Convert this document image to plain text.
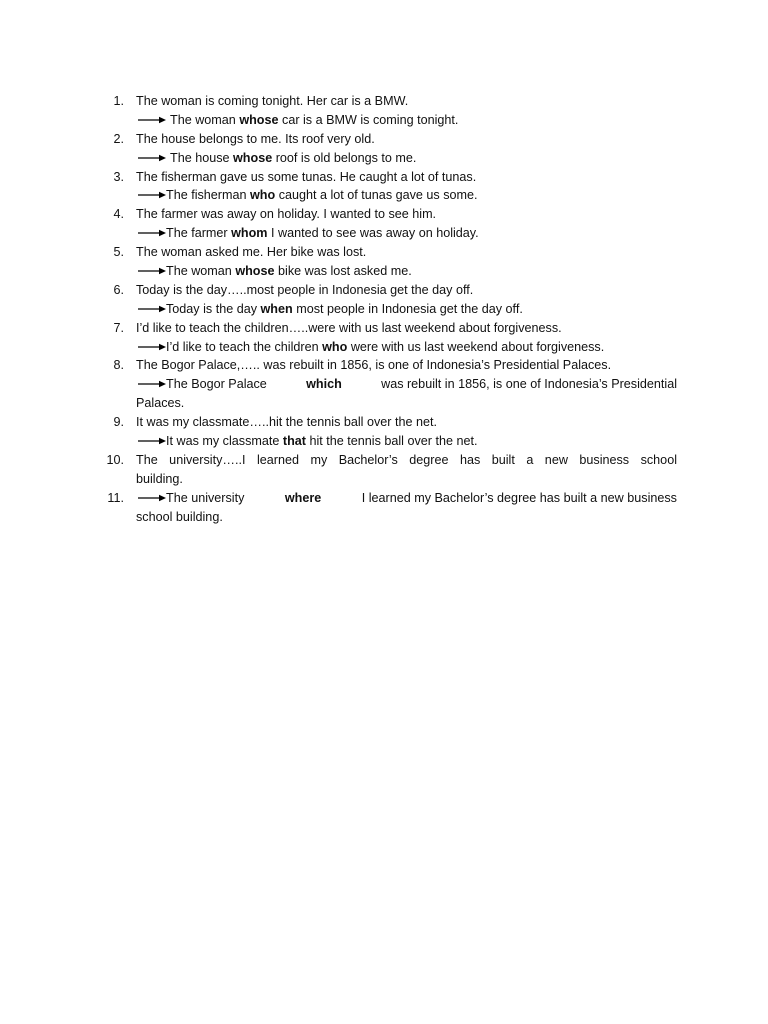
1. The woman is coming tonight. Her car is a BMW.
The woman whose car is a BMW is coming tonight.
2. The house belongs to me. Its roof very old.
The house whose roof is old belongs to me.
3. The fisherman gave us some tunas. He caught a lot of tunas.
The fisherman who caught a lot of tunas gave us some.
4. The farmer was away on holiday. I wanted to see him.
The farmer whom I wanted to see was away on holiday.
5. The woman asked me. Her bike was lost.
The woman whose bike was lost asked me.
6. Today is the day…..most people in Indonesia get the day off.
Today is the day when most people in Indonesia get the day off.
7. I’d like to teach the children…..were with us last weekend about forgiveness.
I’d like to teach the children who were with us last weekend about forgiveness.
8. The Bogor Palace,….. was rebuilt in 1856, is one of Indonesia’s Presidential Palaces.
The Bogor Palace	which	was rebuilt in 1856, is one of Indonesia’s Presidential
Palaces.
9. It was my classmate…..hit the tennis ball over the net.
It was my classmate that hit the tennis ball over the net.
10. The university…..I learned my Bachelor’s degree has built a new business school
building.
11.	The university	where	I learned my Bachelor’s degree has built a new business
school building.
